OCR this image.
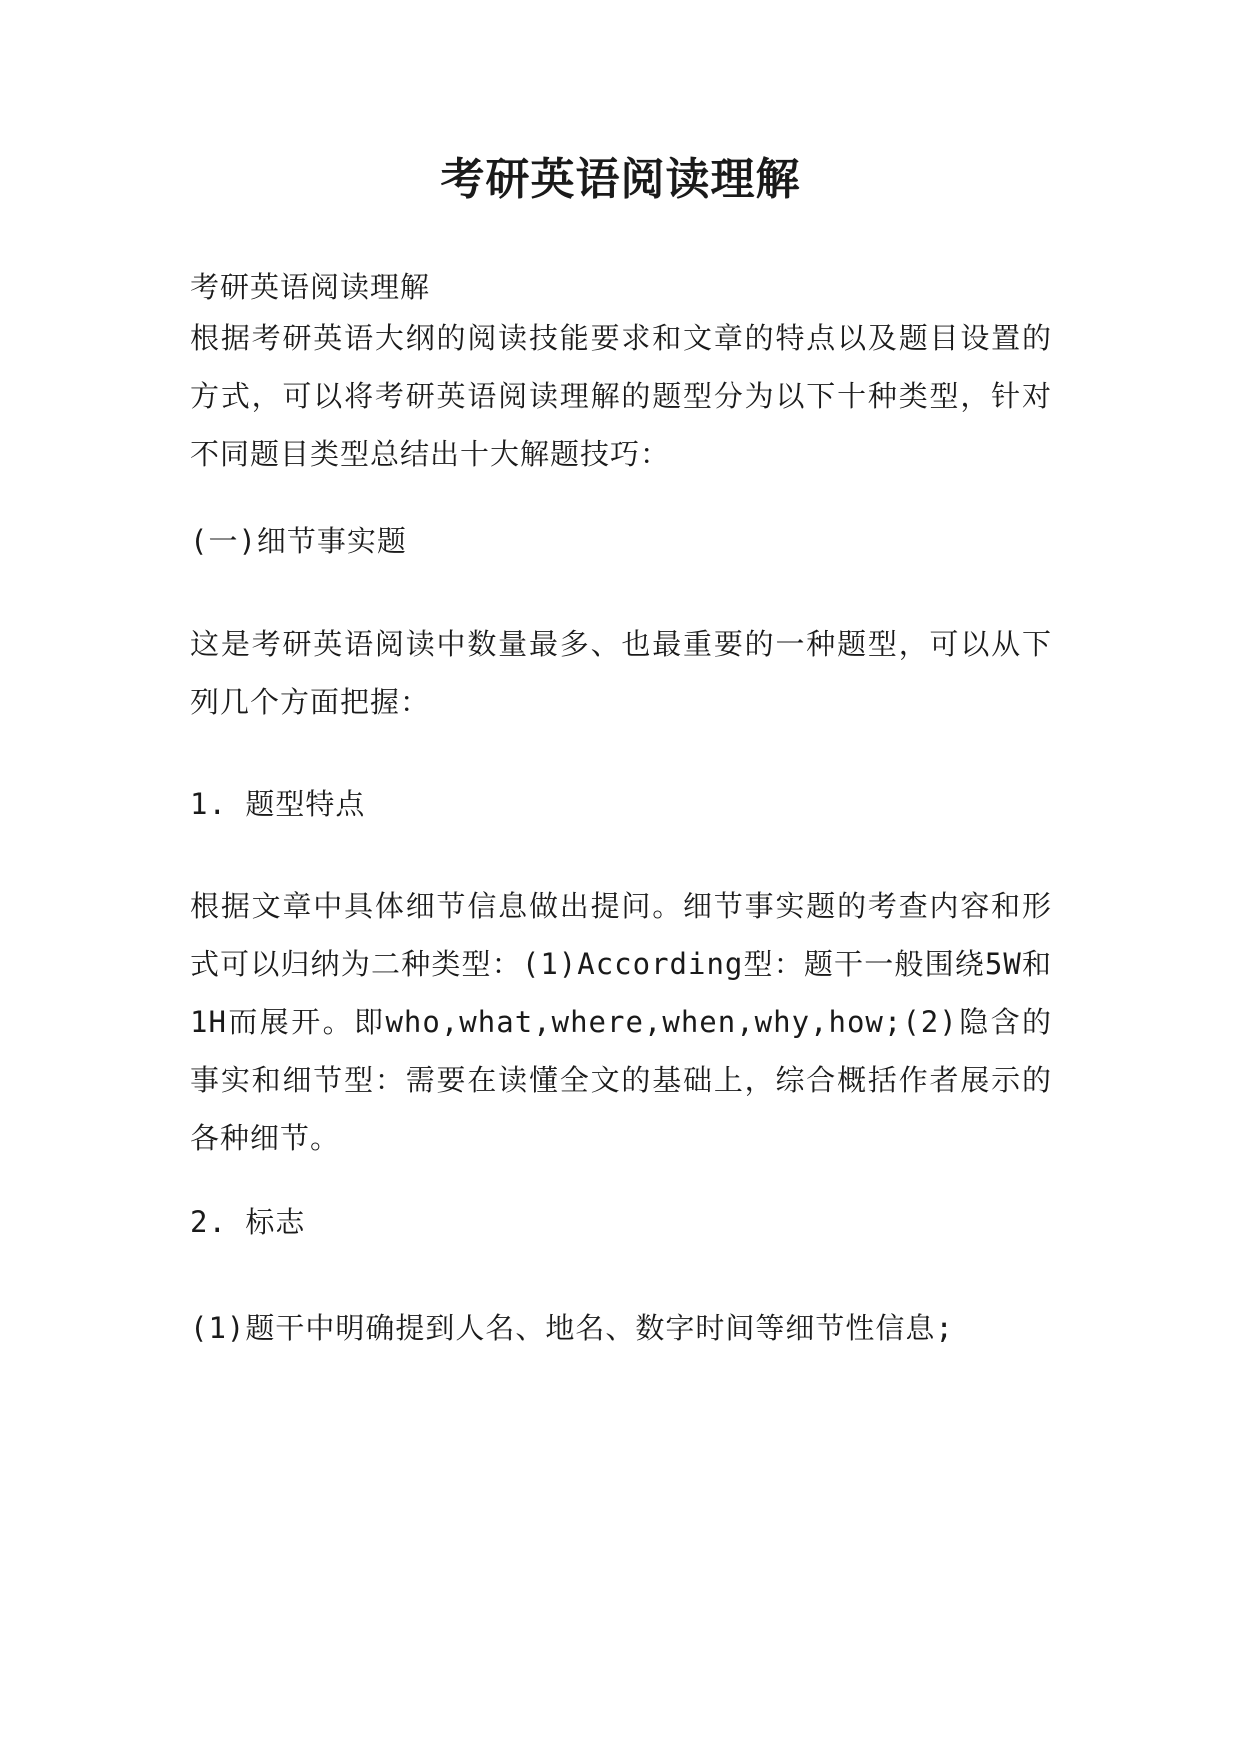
考研英语阅读理解

考研英语阅读理解

根据考研英语大纲的阅读技能要求和文章的特点以及题目设置的方式，可以将考研英语阅读理解的题型分为以下十种类型，针对不同题目类型总结出十大解题技巧：

(一)细节事实题

这是考研英语阅读中数量最多、也最重要的一种题型，可以从下列几个方面把握：

1. 题型特点

根据文章中具体细节信息做出提问。细节事实题的考查内容和形式可以归纳为二种类型：(1)According型：题干一般围绕5W和1H而展开。即who,what,where,when,why,how;(2)隐含的事实和细节型：需要在读懂全文的基础上，综合概括作者展示的各种细节。

2. 标志

(1)题干中明确提到人名、地名、数字时间等细节性信息;
